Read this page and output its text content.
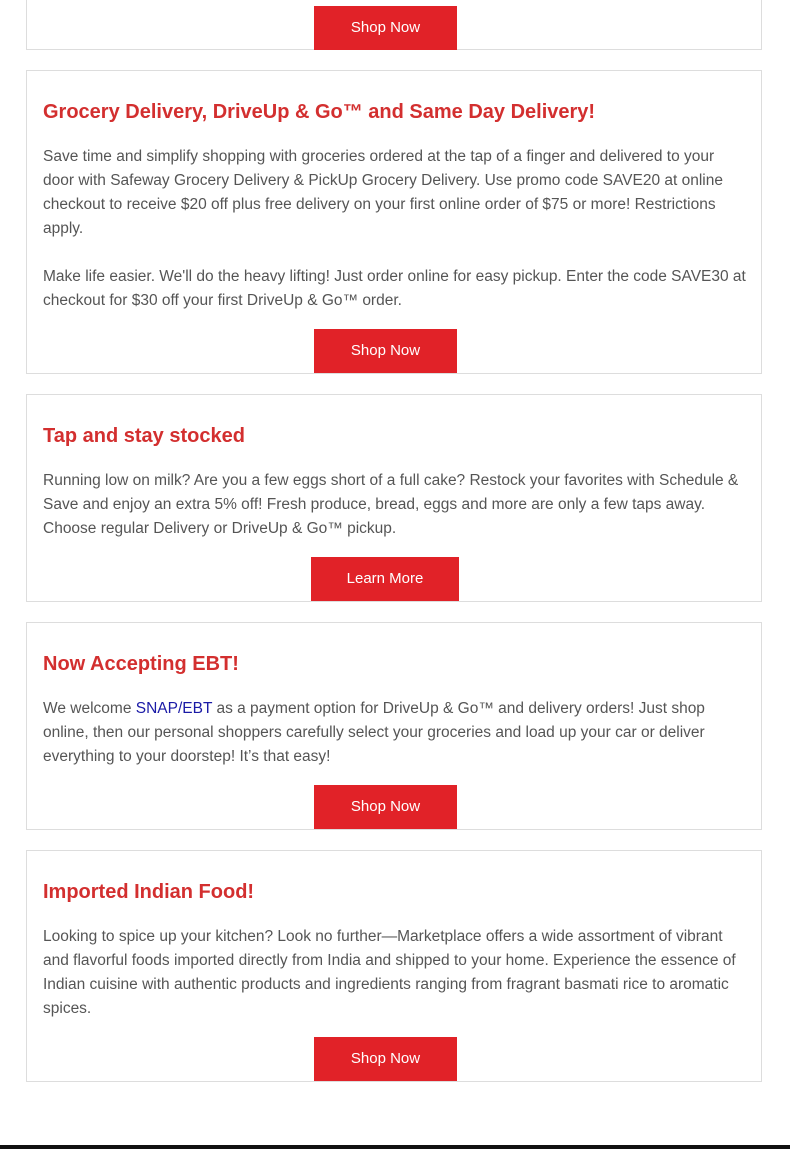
Shop Now
Grocery Delivery, DriveUp & Go™ and Same Day Delivery!

Save time and simplify shopping with groceries ordered at the tap of a finger and delivered to your door with Safeway Grocery Delivery & PickUp Grocery Delivery. Use promo code SAVE20 at online checkout to receive $20 off plus free delivery on your first online order of $75 or more! Restrictions apply.

Make life easier. We'll do the heavy lifting! Just order online for easy pickup. Enter the code SAVE30 at checkout for $30 off your first DriveUp & Go™ order.

Shop Now
Tap and stay stocked

Running low on milk? Are you a few eggs short of a full cake? Restock your favorites with Schedule & Save and enjoy an extra 5% off! Fresh produce, bread, eggs and more are only a few taps away. Choose regular Delivery or DriveUp & Go™ pickup.

Learn More
Now Accepting EBT!

We welcome SNAP/EBT as a payment option for DriveUp & Go™ and delivery orders! Just shop online, then our personal shoppers carefully select your groceries and load up your car or deliver everything to your doorstep! It’s that easy!

Shop Now
Imported Indian Food!

Looking to spice up your kitchen? Look no further—Marketplace offers a wide assortment of vibrant and flavorful foods imported directly from India and shipped to your home. Experience the essence of Indian cuisine with authentic products and ingredients ranging from fragrant basmati rice to aromatic spices.

Shop Now
